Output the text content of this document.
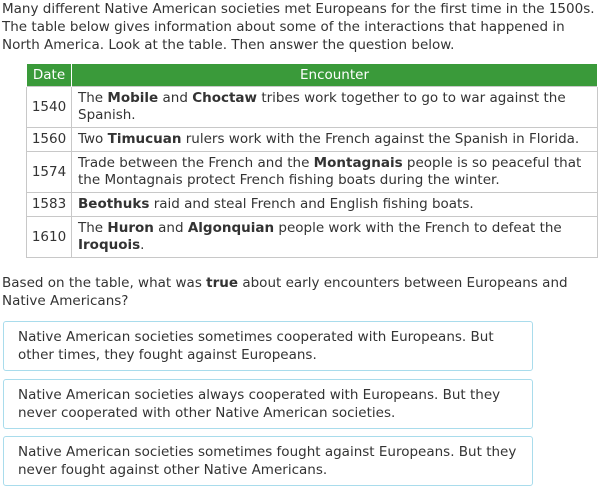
Many different Native American societies met Europeans for the first time in the 1500s. The table below gives information about some of the interactions that happened in North America. Look at the table. Then answer the question below.
Date	Encounter
1540	The Mobile and Choctaw tribes work together to go to war against the Spanish.
1560	Two Timucuan rulers work with the French against the Spanish in Florida.
1574	Trade between the French and the Montagnais people is so peaceful that the Montagnais protect French fishing boats during the winter.
1583	Beothuks raid and steal French and English fishing boats.
1610	The Huron and Algonquian people work with the French to defeat the Iroquois.
Based on the table, what was true about early encounters between Europeans and Native Americans?
Native American societies sometimes cooperated with Europeans. But other times, they fought against Europeans.
Native American societies always cooperated with Europeans. But they never cooperated with other Native American societies.
Native American societies sometimes fought against Europeans. But they never fought against other Native Americans.
